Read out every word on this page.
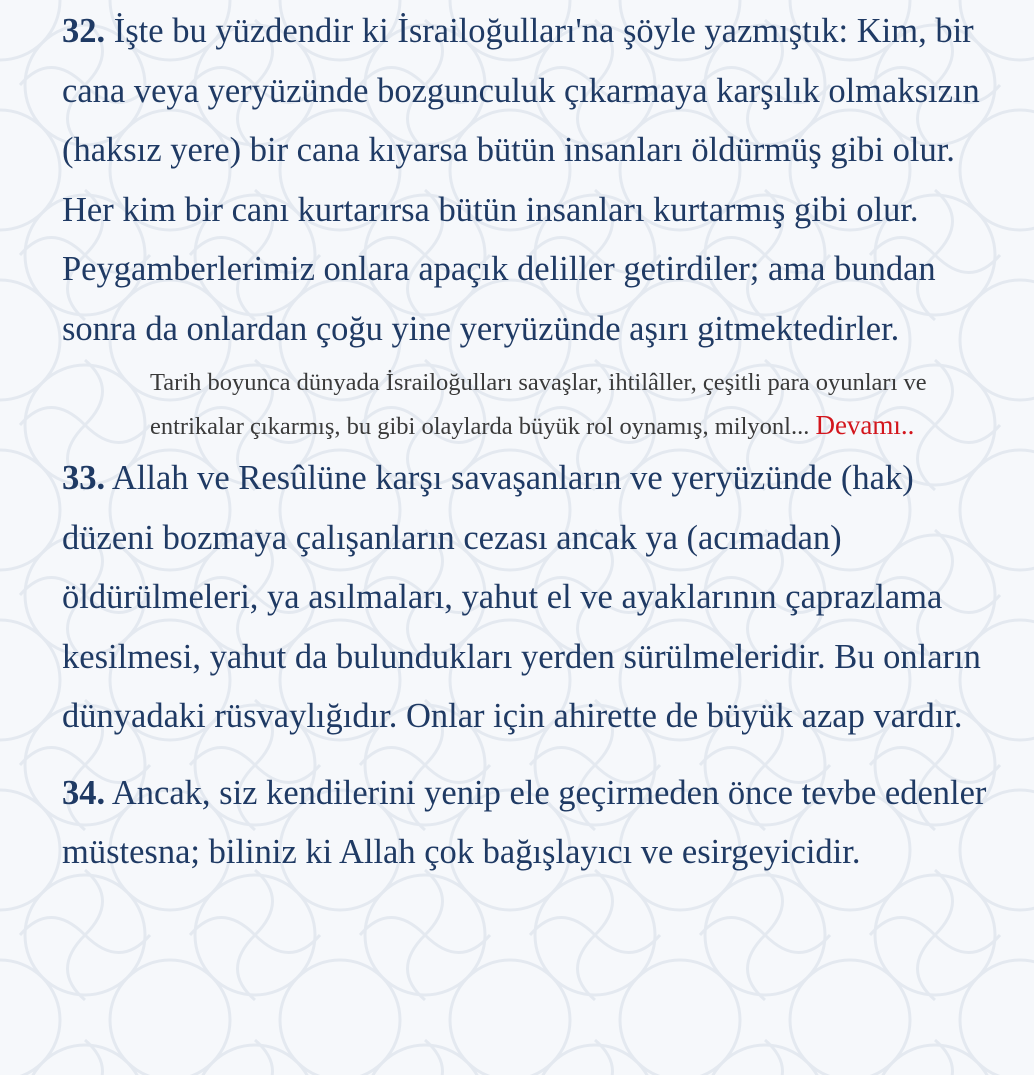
32. İşte bu yüzdendir ki İsrailoğulları'na şöyle yazmıştık: Kim, bir cana veya yeryüzünde bozgunculuk çıkarmaya karşılık olmaksızın (haksız yere) bir cana kıyarsa bütün insanları öldürmüş gibi olur. Her kim bir canı kurtarırsa bütün insanları kurtarmış gibi olur. Peygamberlerimiz onlara apaçık deliller getirdiler; ama bundan sonra da onlardan çoğu yine yeryüzünde aşırı gitmektedirler.

Tarih boyunca dünyada İsrailoğulları savaşlar, ihtilâller, çeşitli para oyunları ve entrikalar çıkarmış, bu gibi olaylarda büyük rol oynamış, milyonl... Devamı..

33. Allah ve Resûlüne karşı savaşanların ve yeryüzünde (hak) düzeni bozmaya çalışanların cezası ancak ya (acımadan) öldürülmeleri, ya asılmaları, yahut el ve ayaklarının çaprazlama kesilmesi, yahut da bulundukları yerden sürülmeleridir. Bu onların dünyadaki rüsvaylığıdır. Onlar için ahirette de büyük azap vardır.

34. Ancak, siz kendilerini yenip ele geçirmeden önce tevbe edenler müstesna; biliniz ki Allah çok bağışlayıcı ve esirgeyicidir.
